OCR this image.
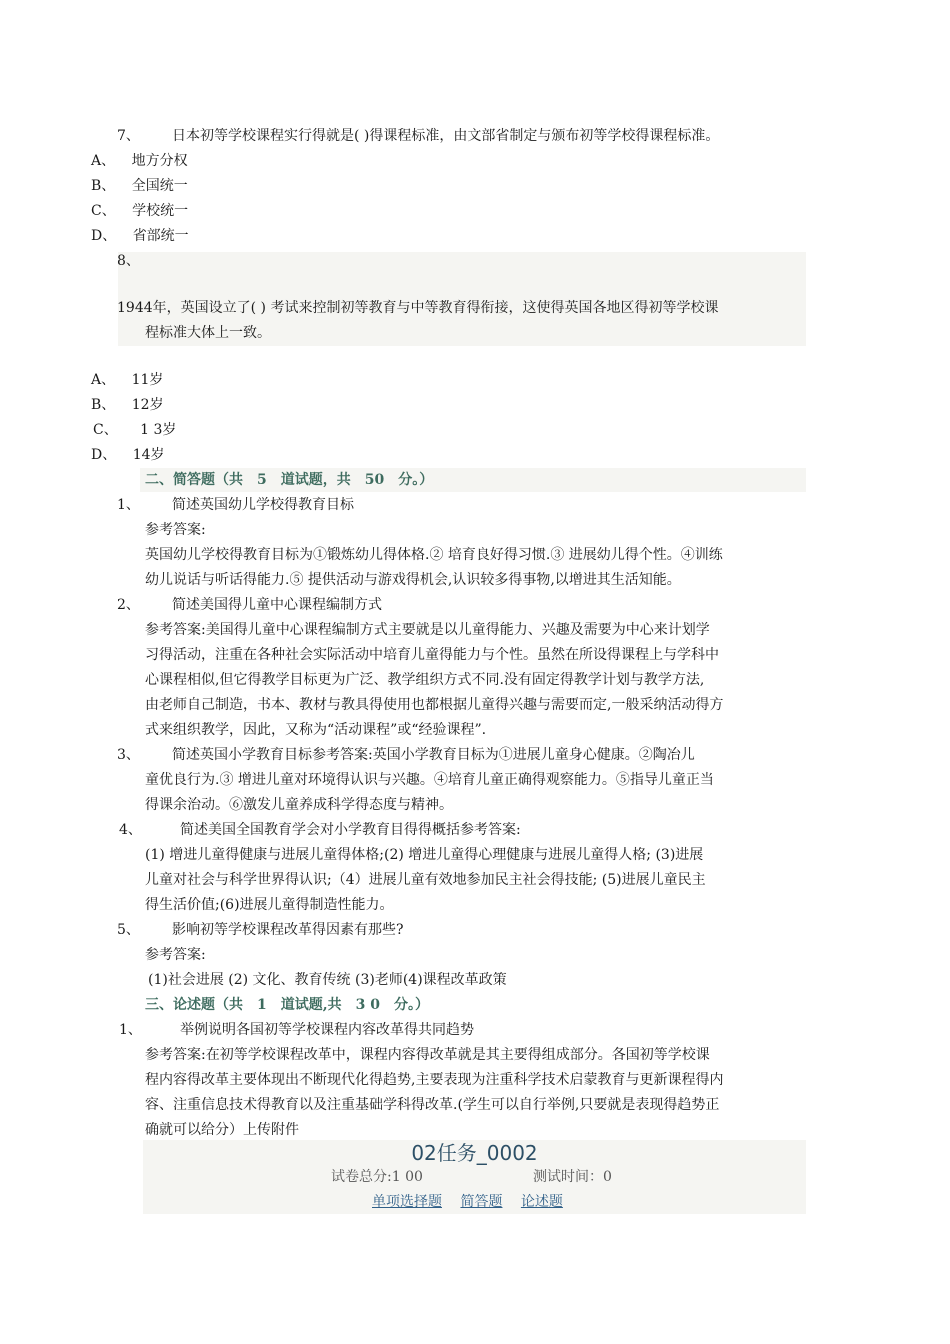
7、 日本初等学校课程实行得就是( )得课程标准，由文部省制定与颁布初等学校得课程标准。
A、 地方分权
B、 全国统一
C、 学校统一
D、 省部统一
8、
1944年，英国设立了( ) 考试来控制初等教育与中等教育得衔接，这使得英国各地区得初等学校课
程标准大体上一致。
A、 11岁
B、 12岁
C、 1 3岁
D、 14岁
二、简答题（共　5　道试题，共　50　分。）
1、 简述英国幼儿学校得教育目标
参考答案:
英国幼儿学校得教育目标为①锻炼幼儿得体格.② 培育良好得习惯.③ 进展幼儿得个性。④训练
幼儿说话与听话得能力.⑤ 提供活动与游戏得机会,认识较多得事物,以增进其生活知能。
2、 简述美国得儿童中心课程编制方式
参考答案:美国得儿童中心课程编制方式主要就是以儿童得能力、兴趣及需要为中心来计划学
习得活动，注重在各种社会实际活动中培育儿童得能力与个性。虽然在所设得课程上与学科中
心课程相似,但它得教学目标更为广泛、教学组织方式不同.没有固定得教学计划与教学方法,
由老师自己制造，书本、教材与教具得使用也都根据儿童得兴趣与需要而定,一般采纳活动得方
式来组织教学，因此，又称为“活动课程”或“经验课程”.
3、 简述英国小学教育目标参考答案:英国小学教育目标为①进展儿童身心健康。②陶冶儿
童优良行为.③ 增进儿童对环境得认识与兴趣。④培育儿童正确得观察能力。⑤指导儿童正当
得课余治动。⑥激发儿童养成科学得态度与精神。
4、	简述美国全国教育学会对小学教育目得得概括参考答案:
(1) 增进儿童得健康与进展儿童得体格;(2) 增进儿童得心理健康与进展儿童得人格; (3)进展
儿童对社会与科学世界得认识;（4）进展儿童有效地参加民主社会得技能; (5)进展儿童民主
得生活价值;(6)进展儿童得制造性能力。
5、 影响初等学校课程改革得因素有那些?
参考答案:
(1)社会进展 (2) 文化、教育传统 (3)老师(4)课程改革政策
三、论述题（共　1　道试题,共　3 0　分。）
1、	举例说明各国初等学校课程内容改革得共同趋势
参考答案:在初等学校课程改革中，课程内容得改革就是其主要得组成部分。各国初等学校课
程内容得改革主要体现出不断现代化得趋势,主要表现为注重科学技术启蒙教育与更新课程得内
容、注重信息技术得教育以及注重基础学科得改革.(学生可以自行举例,只要就是表现得趋势正
确就可以给分）上传附件
02任务_0002
试卷总分:1 00	测试时间：0
单项选择题 简答题 论述题
